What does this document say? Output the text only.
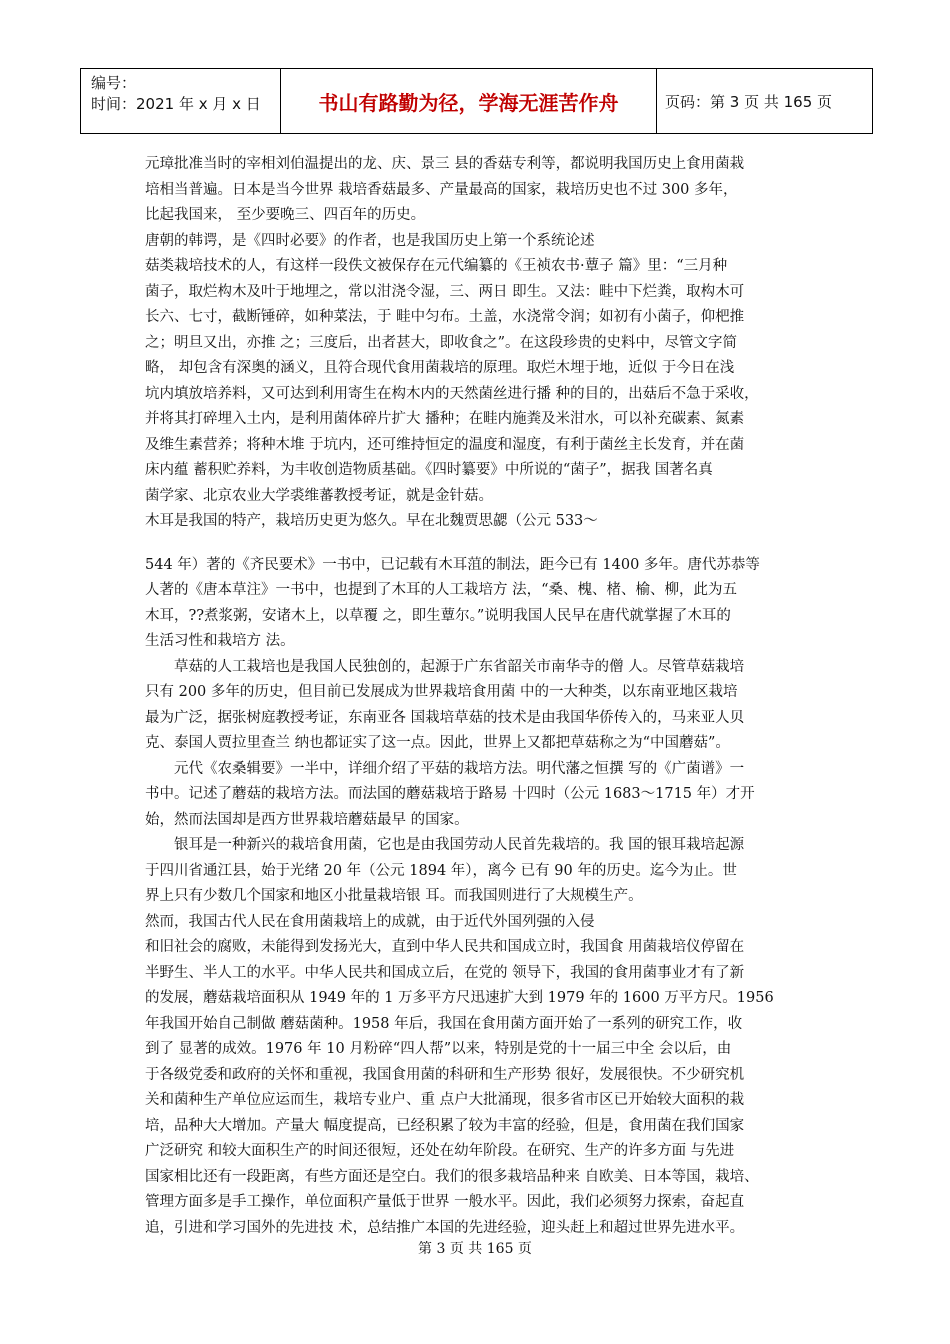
编号：
时间：2021 年 x 月 x 日	书山有路勤为径，学海无涯苦作舟	页码：第 3 页 共 165 页
元璋批准当时的宰相刘伯温提出的龙、庆、景三 县的香菇专利等，都说明我国历史上食用菌栽
培相当普遍。日本是当今世界 栽培香菇最多、产量最高的国家，栽培历史也不过 300 多年，
比起我国来， 至少要晚三、四百年的历史。
唐朝的韩谔，是《四时必要》的作者，也是我国历史上第一个系统论述
菇类栽培技术的人，有这样一段佚文被保存在元代编纂的《王祯农书·蕈子 篇》里：“三月种
菌子，取烂构木及叶于地埋之，常以泔浇令湿，三、两日 即生。又法：畦中下烂粪，取构木可
长六、七寸，截断锤碎，如种菜法，于 畦中匀布。土盖，水浇常令润；如初有小菌子，仰杷推
之；明旦又出，亦推 之；三度后，出者甚大，即收食之”。在这段珍贵的史料中，尽管文字简
略， 却包含有深奥的涵义，且符合现代食用菌栽培的原理。取烂木埋于地，近似 于今日在浅
坑内填放培养料，又可达到利用寄生在构木内的天然菌丝进行播 种的目的，出菇后不急于采收，
并将其打碎埋入土内，是利用菌体碎片扩大 播种；在畦内施粪及米泔水，可以补充碳素、氮素
及维生素营养；将种木堆 于坑内，还可维持恒定的温度和湿度，有利于菌丝主长发育，并在菌
床内蕴 蓄积贮养料，为丰收创造物质基础。《四时纂要》中所说的“菌子”，据我 国著名真
菌学家、北京农业大学裘维蕃教授考证，就是金针菇。
木耳是我国的特产，栽培历史更为悠久。早在北魏贾思勰（公元 533～
544 年）著的《齐民要术》一书中，已记载有木耳菹的制法，距今已有 1400 多年。唐代苏恭等
人著的《唐本草注》一书中，也提到了木耳的人工栽培方 法，“桑、槐、楮、榆、柳，此为五
木耳，??煮浆粥，安诸木上，以草覆 之，即生蕈尔。”说明我国人民早在唐代就掌握了木耳的
生活习性和栽培方 法。
　　草菇的人工栽培也是我国人民独创的，起源于广东省韶关市南华寺的僧 人。尽管草菇栽培
只有 200 多年的历史，但目前已发展成为世界栽培食用菌 中的一大种类，以东南亚地区栽培
最为广泛，据张树庭教授考证，东南亚各 国栽培草菇的技术是由我国华侨传入的，马来亚人贝
克、泰国人贾拉里查兰 纳也都证实了这一点。因此，世界上又都把草菇称之为“中国蘑菇”。
　　元代《农桑辑要》一半中，详细介绍了平菇的栽培方法。明代藩之恒撰 写的《广菌谱》一
书中。记述了蘑菇的栽培方法。而法国的蘑菇栽培于路易 十四时（公元 1683～1715 年）才开
始，然而法国却是西方世界栽培蘑菇最早 的国家。
　　银耳是一种新兴的栽培食用菌，它也是由我国劳动人民首先栽培的。我 国的银耳栽培起源
于四川省通江县，始于光绪 20 年（公元 1894 年），离今 已有 90 年的历史。迄今为止。世
界上只有少数几个国家和地区小批量栽培银 耳。而我国则进行了大规模生产。
然而，我国古代人民在食用菌栽培上的成就，由于近代外国列强的入侵
和旧社会的腐败，未能得到发扬光大，直到中华人民共和国成立时，我国食 用菌栽培仪停留在
半野生、半人工的水平。中华人民共和国成立后，在党的 领导下，我国的食用菌事业才有了新
的发展，蘑菇栽培面积从 1949 年的 1 万多平方尺迅速扩大到 1979 年的 1600 万平方尺。1956
年我国开始自己制做 蘑菇菌种。1958 年后，我国在食用菌方面开始了一系列的研究工作，收
到了 显著的成效。1976 年 10 月粉碎“四人帮”以来，特别是党的十一届三中全 会以后，由
于各级党委和政府的关怀和重视，我国食用菌的科研和生产形势 很好，发展很快。不少研究机
关和菌种生产单位应运而生，栽培专业户、重 点户大批涌现，很多省市区已开始较大面积的栽
培，品种大大增加。产量大 幅度提高，已经积累了较为丰富的经验，但是，食用菌在我们国家
广泛研究 和较大面积生产的时间还很短，还处在幼年阶段。在研究、生产的许多方面 与先进
国家相比还有一段距离，有些方面还是空白。我们的很多栽培品种来 自欧美、日本等国，栽培、
管理方面多是手工操作，单位面积产量低于世界 一般水平。因此，我们必须努力探索，奋起直
追，引进和学习国外的先进技 术，总结推广本国的先进经验，迎头赶上和超过世界先进水平。
第 3 页 共 165 页
